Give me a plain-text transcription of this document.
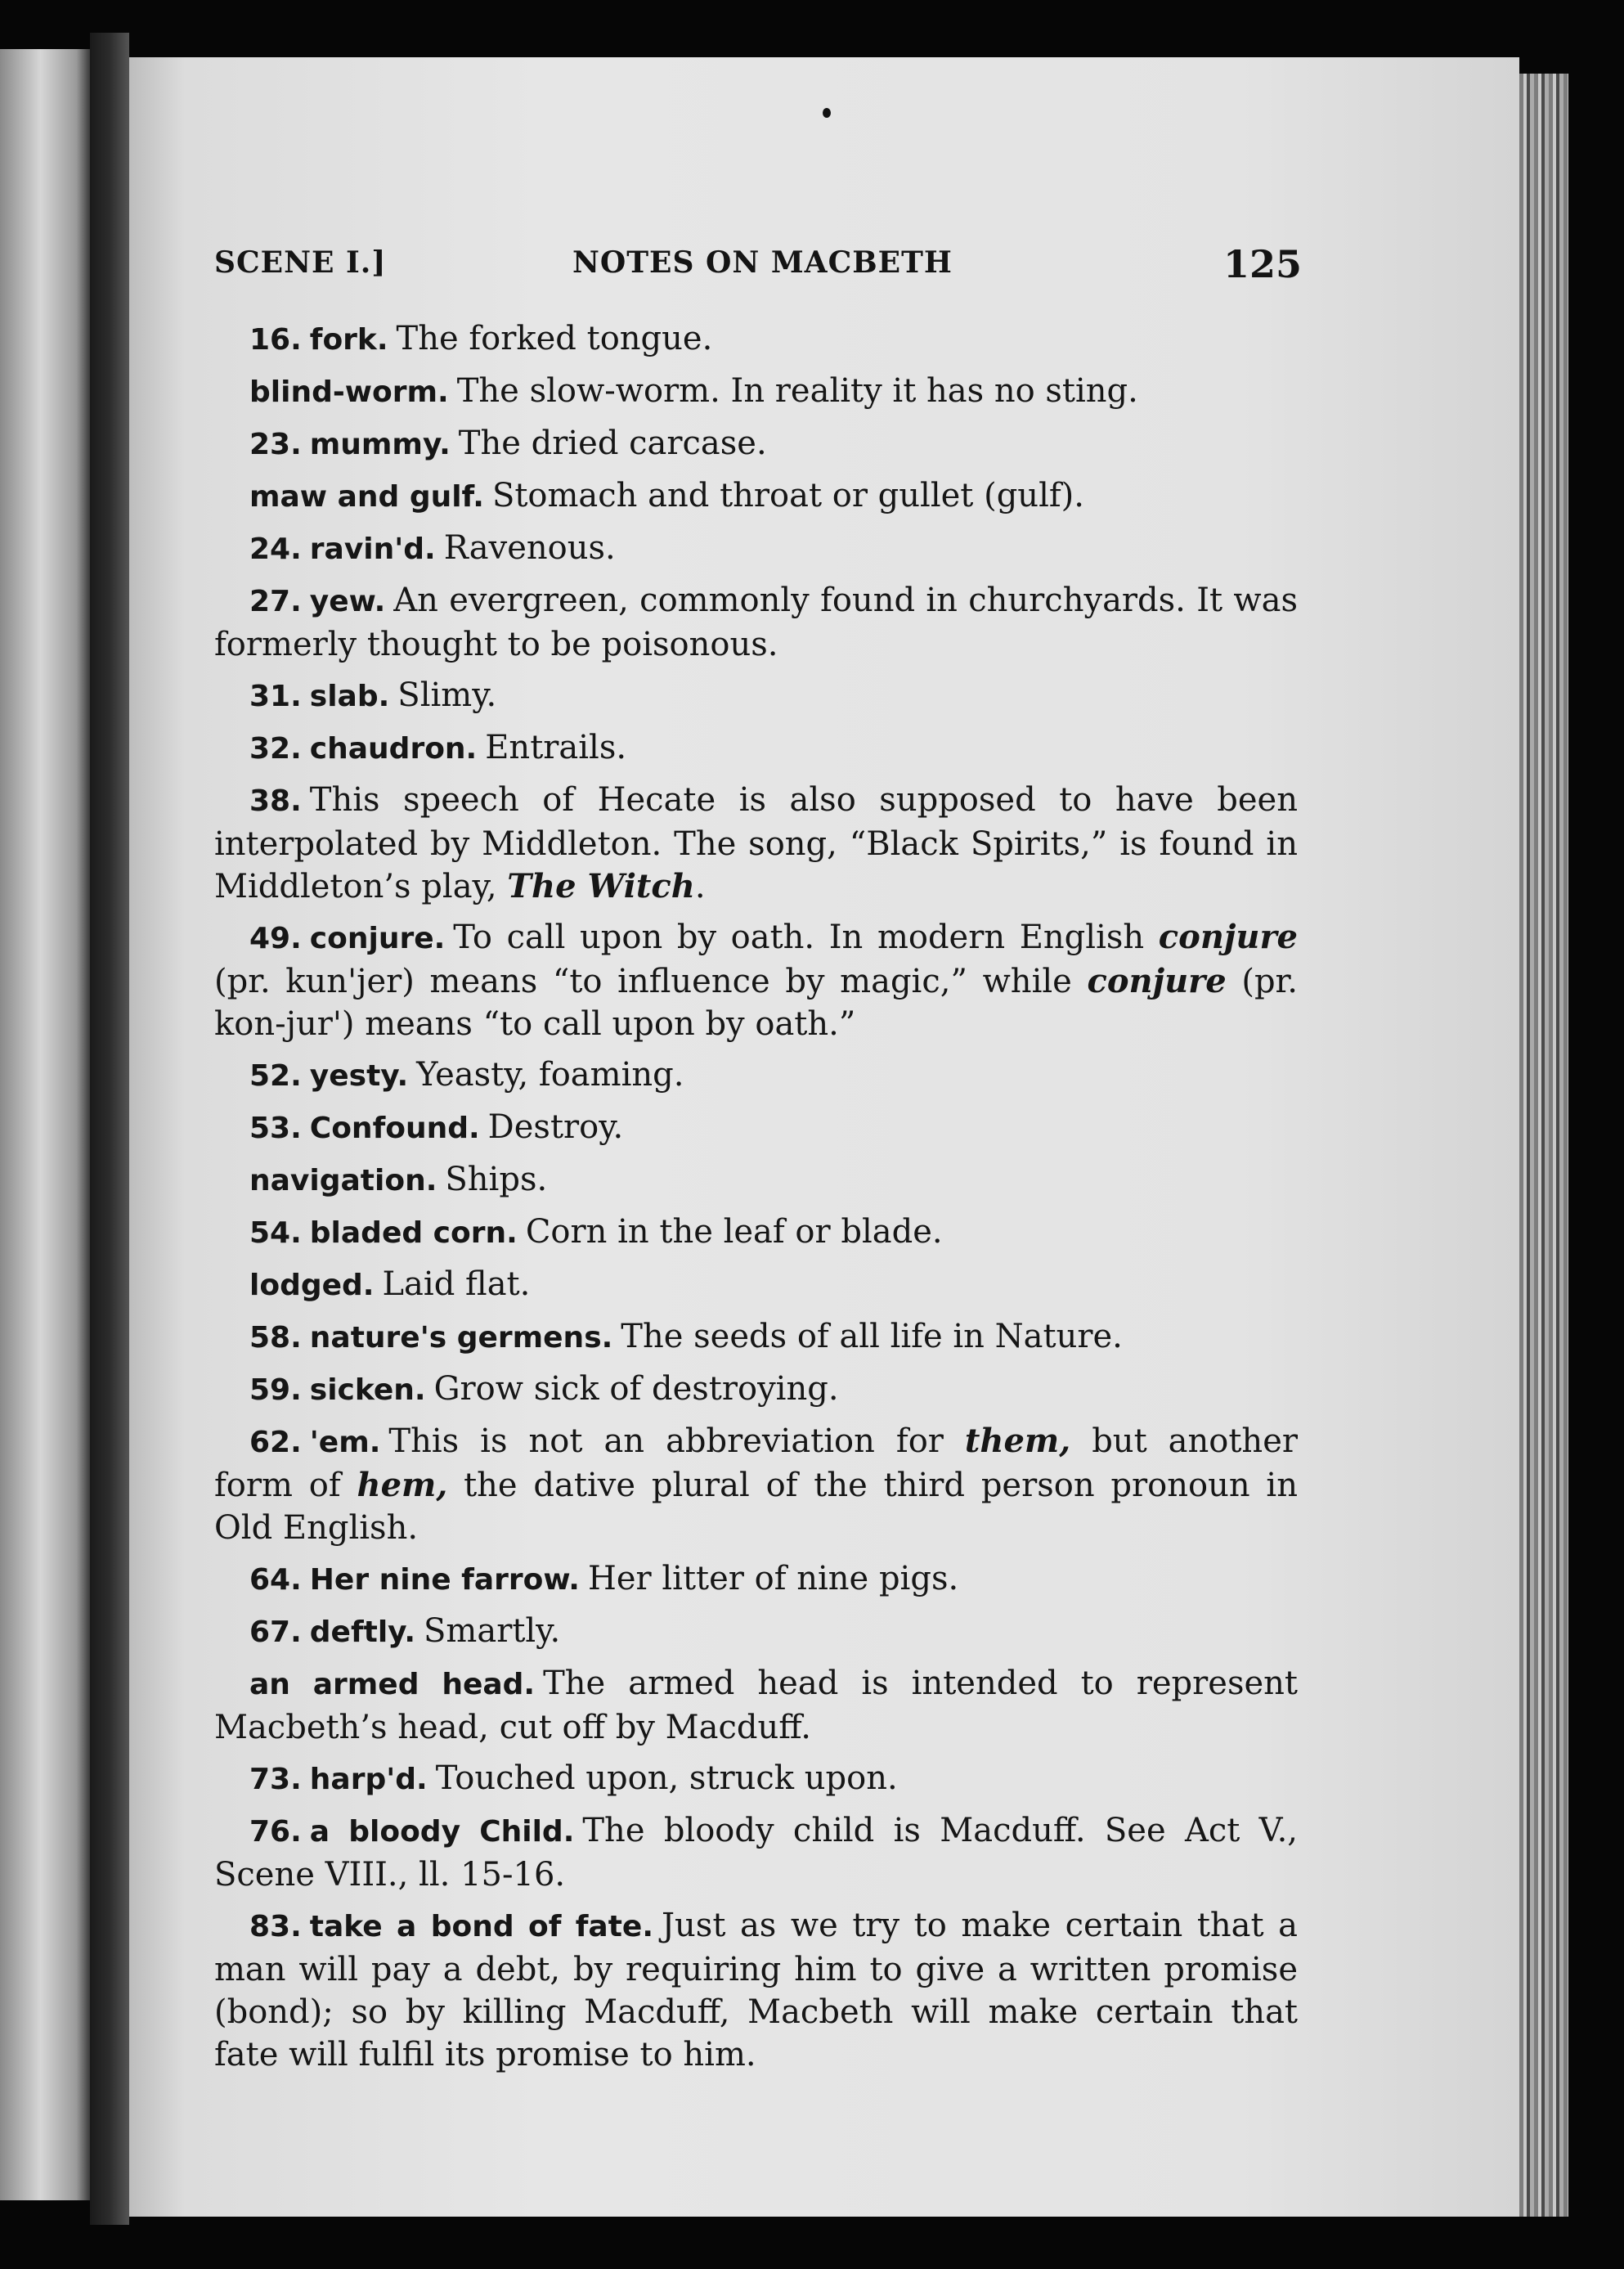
SCENE I.]	NOTES ON MACBETH	125

16. fork. The forked tongue.

blind-worm. The slow-worm. In reality it has no sting.

23. mummy. The dried carcase.

maw and gulf. Stomach and throat or gullet (gulf).

24. ravin'd. Ravenous.

27. yew. An evergreen, commonly found in churchyards. It was formerly thought to be poisonous.

31. slab. Slimy.

32. chaudron. Entrails.

38. This speech of Hecate is also supposed to have been interpolated by Middleton. The song, “Black Spirits,” is found in Middleton’s play, The Witch.

49. conjure. To call upon by oath. In modern English conjure (pr. kun'jer) means “to influence by magic,” while conjure (pr. kon-jur') means “to call upon by oath.”

52. yesty. Yeasty, foaming.

53. Confound. Destroy.

navigation. Ships.

54. bladed corn. Corn in the leaf or blade.

lodged. Laid flat.

58. nature's germens. The seeds of all life in Nature.

59. sicken. Grow sick of destroying.

62. 'em. This is not an abbreviation for them, but another form of hem, the dative plural of the third person pronoun in Old English.

64. Her nine farrow. Her litter of nine pigs.

67. deftly. Smartly.

an armed head. The armed head is intended to represent Macbeth’s head, cut off by Macduff.

73. harp'd. Touched upon, struck upon.

76. a bloody Child. The bloody child is Macduff. See Act V., Scene VIII., ll. 15-16.

83. take a bond of fate. Just as we try to make certain that a man will pay a debt, by requiring him to give a written promise (bond); so by killing Macduff, Macbeth will make certain that fate will fulfil its promise to him.
